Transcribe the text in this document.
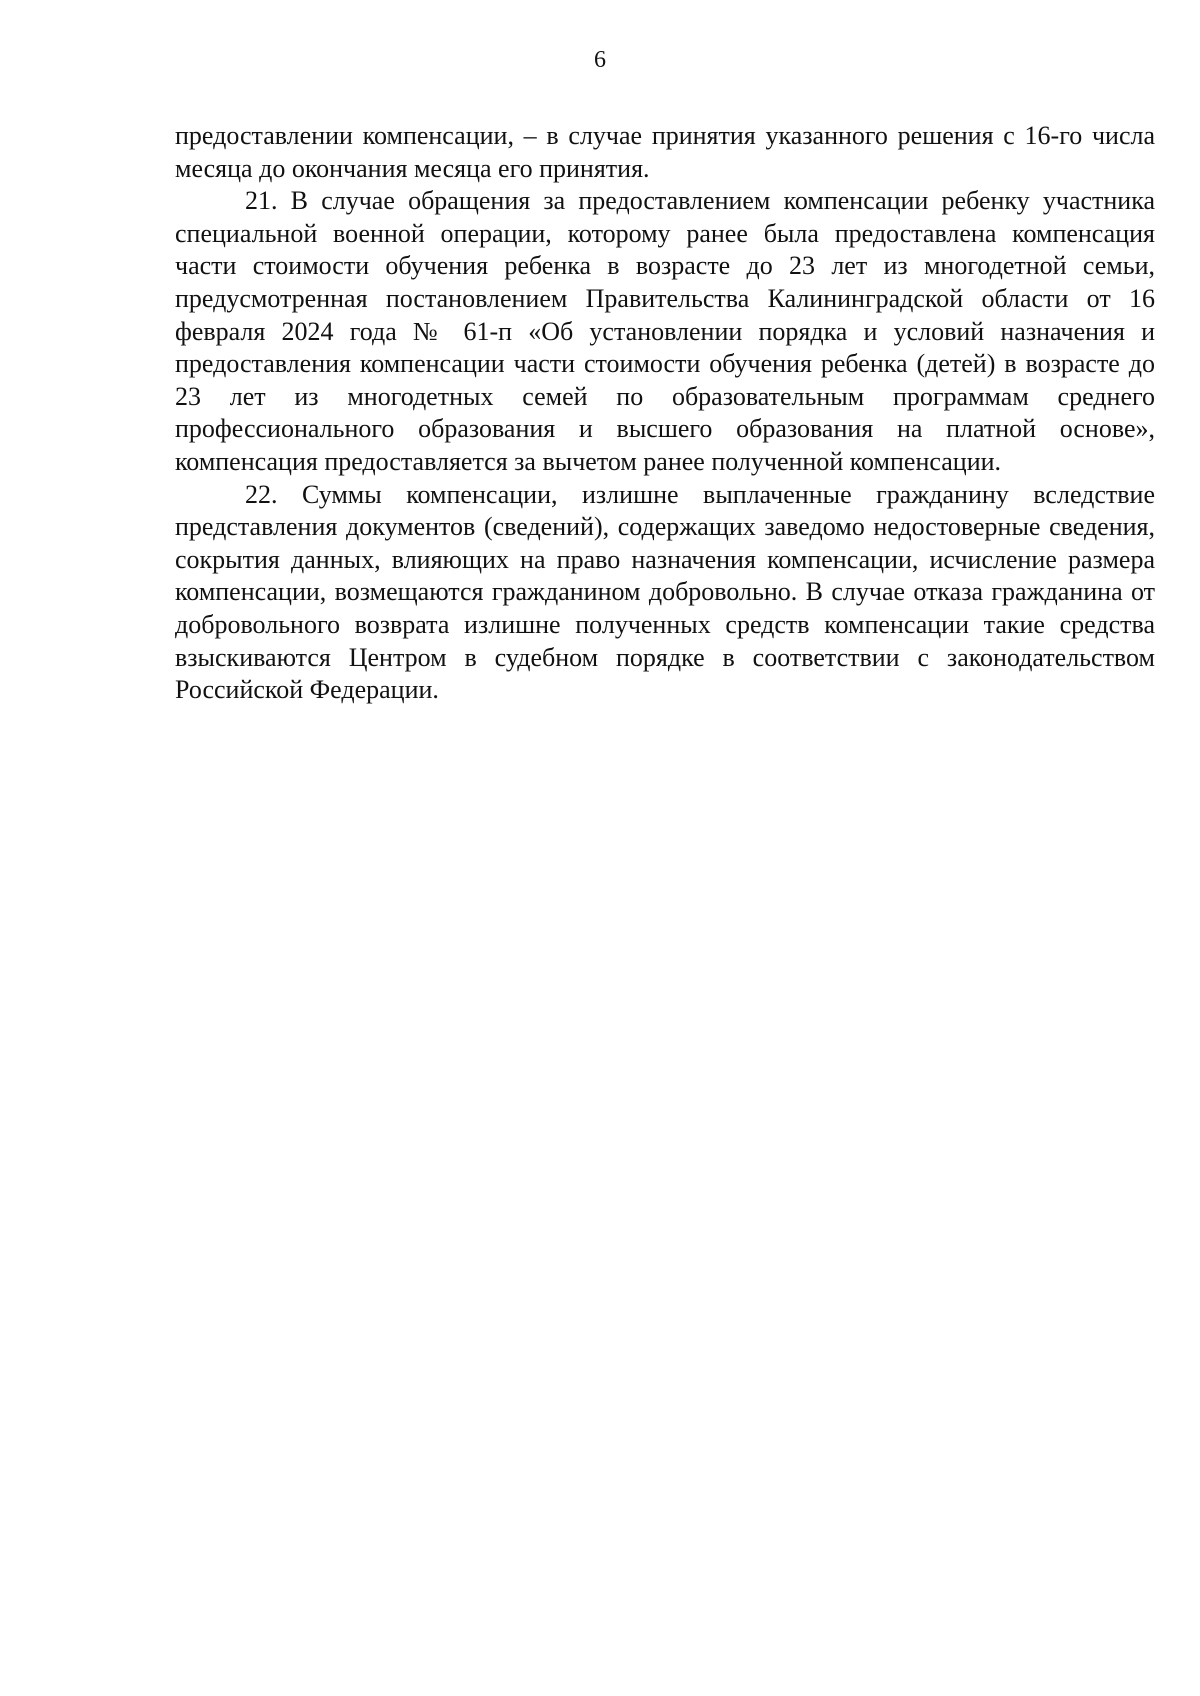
6

предоставлении компенсации, – в случае принятия указанного решения с 16-го числа месяца до окончания месяца его принятия.

21. В случае обращения за предоставлением компенсации ребенку участника специальной военной операции, которому ранее была предоставлена компенсация части стоимости обучения ребенка в возрасте до 23 лет из многодетной семьи, предусмотренная постановлением Правительства Калининградской области от 16 февраля 2024 года № 61-п «Об установлении порядка и условий назначения и предоставления компенсации части стоимости обучения ребенка (детей) в возрасте до 23 лет из многодетных семей по образовательным программам среднего профессионального образования и высшего образования на платной основе», компенсация предоставляется за вычетом ранее полученной компенсации.

22. Суммы компенсации, излишне выплаченные гражданину вследствие представления документов (сведений), содержащих заведомо недостоверные сведения, сокрытия данных, влияющих на право назначения компенсации, исчисление размера компенсации, возмещаются гражданином добровольно. В случае отказа гражданина от добровольного возврата излишне полученных средств компенсации такие средства взыскиваются Центром в судебном порядке в соответствии с законодательством Российской Федерации.
